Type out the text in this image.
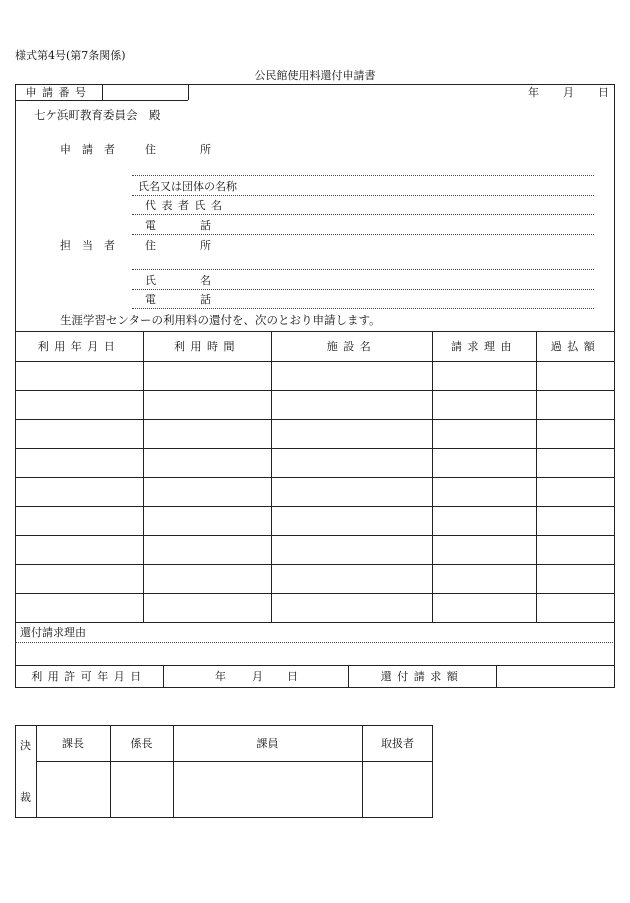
様式第4号(第7条関係)
公民館使用料還付申請書
申請番号	年 月 日
七ケ浜町教育委員会　殿
申　請　者	住　　　　所
氏名又は団体の名称
代表者氏名
電　　　　話
担　当　者	住　　　　所
氏　　　　名
電　　　　話
生涯学習センターの利用料の還付を、次のとおり申請します。
利用年月日	利用時間	施設名	請求理由	過払額
還付請求理由
利用許可年月日	年 月 日	還付請求額
決
裁
課長	係長	課員	取扱者
